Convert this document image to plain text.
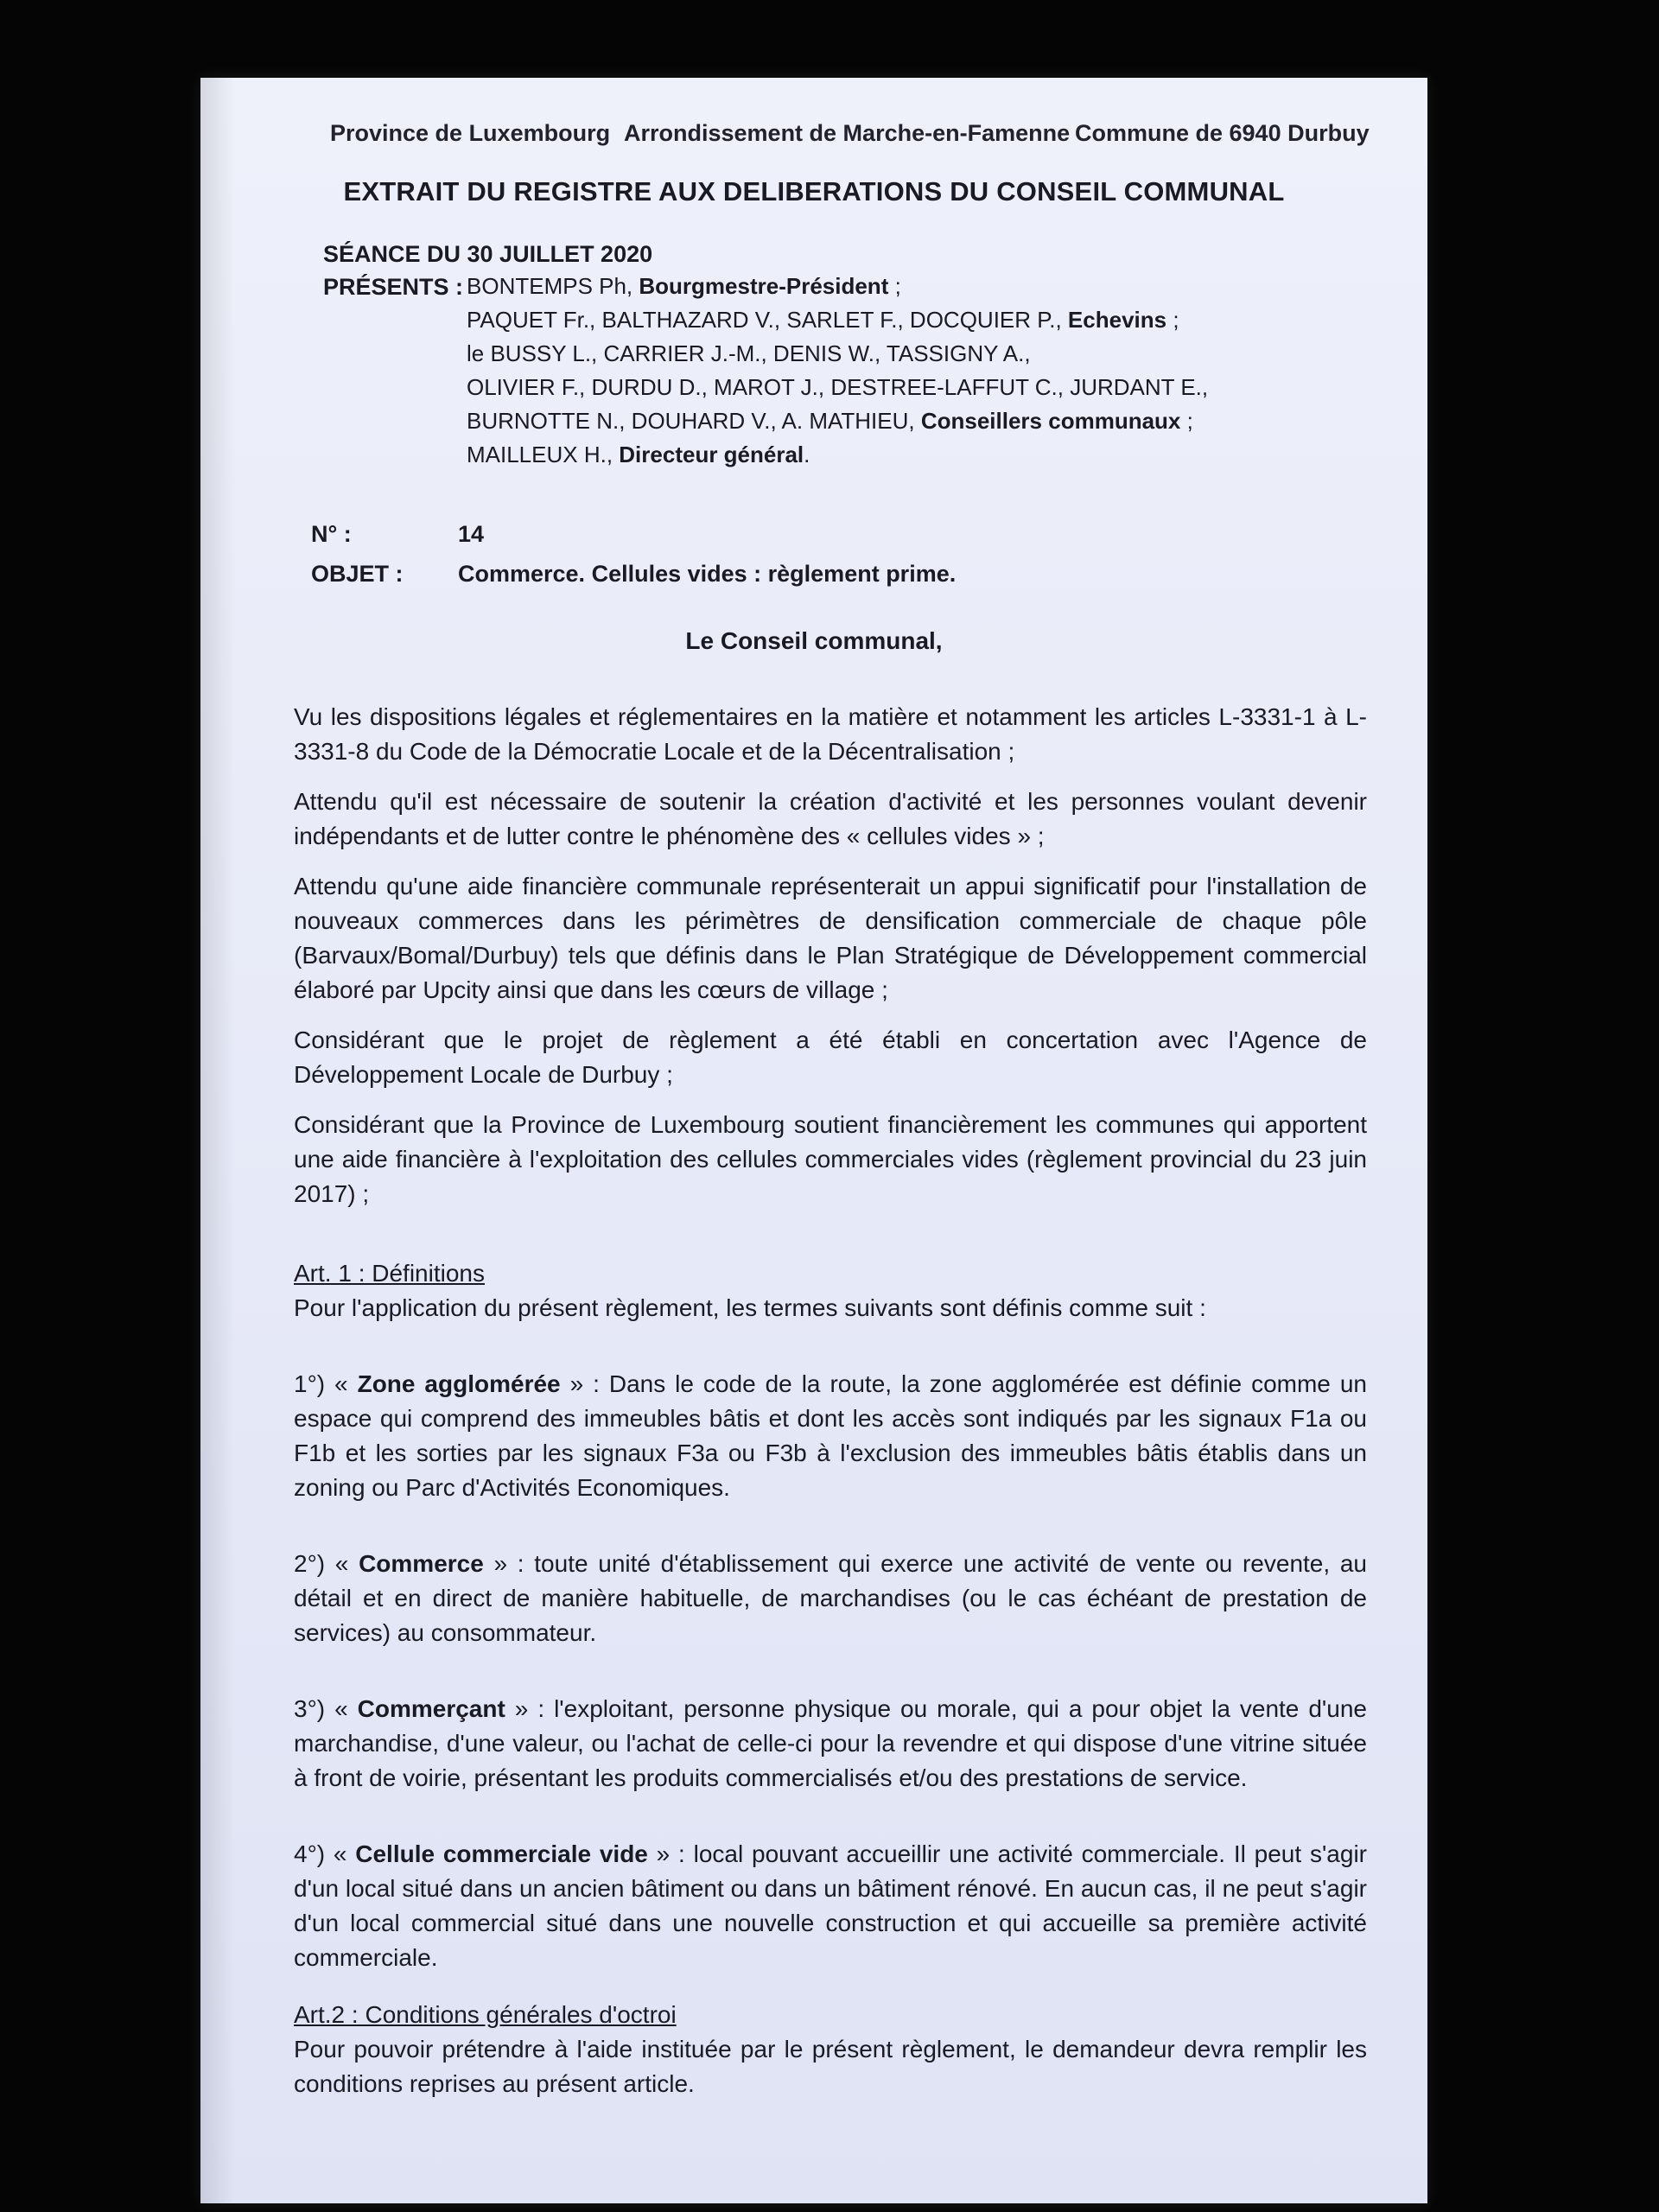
Province de Luxembourg Arrondissement de Marche-en-Famenne Commune de 6940 Durbuy
EXTRAIT DU REGISTRE AUX DELIBERATIONS DU CONSEIL COMMUNAL
SÉANCE DU 30 JUILLET 2020
PRÉSENTS : BONTEMPS Ph, Bourgmestre-Président ;
PAQUET Fr., BALTHAZARD V., SARLET F., DOCQUIER P., Echevins ;
le BUSSY L., CARRIER J.-M., DENIS W., TASSIGNY A.,
OLIVIER F., DURDU D., MAROT J., DESTREE-LAFFUT C., JURDANT E.,
BURNOTTE N., DOUHARD V., A. MATHIEU, Conseillers communaux ;
MAILLEUX H., Directeur général.
N° :	14
OBJET : Commerce. Cellules vides : règlement prime.
Le Conseil communal,

Vu les dispositions légales et réglementaires en la matière et notamment les articles L-3331-1 à L-3331-8 du Code de la Démocratie Locale et de la Décentralisation ;

Attendu qu'il est nécessaire de soutenir la création d'activité et les personnes voulant devenir indépendants et de lutter contre le phénomène des « cellules vides » ;

Attendu qu'une aide financière communale représenterait un appui significatif pour l'installation de nouveaux commerces dans les périmètres de densification commerciale de chaque pôle (Barvaux/Bomal/Durbuy) tels que définis dans le Plan Stratégique de Développement commercial élaboré par Upcity ainsi que dans les cœurs de village ;

Considérant que le projet de règlement a été établi en concertation avec l'Agence de Développement Locale de Durbuy ;

Considérant que la Province de Luxembourg soutient financièrement les communes qui apportent une aide financière à l'exploitation des cellules commerciales vides (règlement provincial du 23 juin 2017) ;

Art. 1 : Définitions
Pour l'application du présent règlement, les termes suivants sont définis comme suit :
1°) « Zone agglomérée » : Dans le code de la route, la zone agglomérée est définie comme un espace qui comprend des immeubles bâtis et dont les accès sont indiqués par les signaux F1a ou F1b et les sorties par les signaux F3a ou F3b à l'exclusion des immeubles bâtis établis dans un zoning ou Parc d'Activités Economiques.
2°) « Commerce » : toute unité d'établissement qui exerce une activité de vente ou revente, au détail et en direct de manière habituelle, de marchandises (ou le cas échéant de prestation de services) au consommateur.
3°) « Commerçant » : l'exploitant, personne physique ou morale, qui a pour objet la vente d'une marchandise, d'une valeur, ou l'achat de celle-ci pour la revendre et qui dispose d'une vitrine située à front de voirie, présentant les produits commercialisés et/ou des prestations de service.
4°) « Cellule commerciale vide » : local pouvant accueillir une activité commerciale. Il peut s'agir d'un local situé dans un ancien bâtiment ou dans un bâtiment rénové. En aucun cas, il ne peut s'agir d'un local commercial situé dans une nouvelle construction et qui accueille sa première activité commerciale.
Art.2 : Conditions générales d'octroi
Pour pouvoir prétendre à l'aide instituée par le présent règlement, le demandeur devra remplir les conditions reprises au présent article.
